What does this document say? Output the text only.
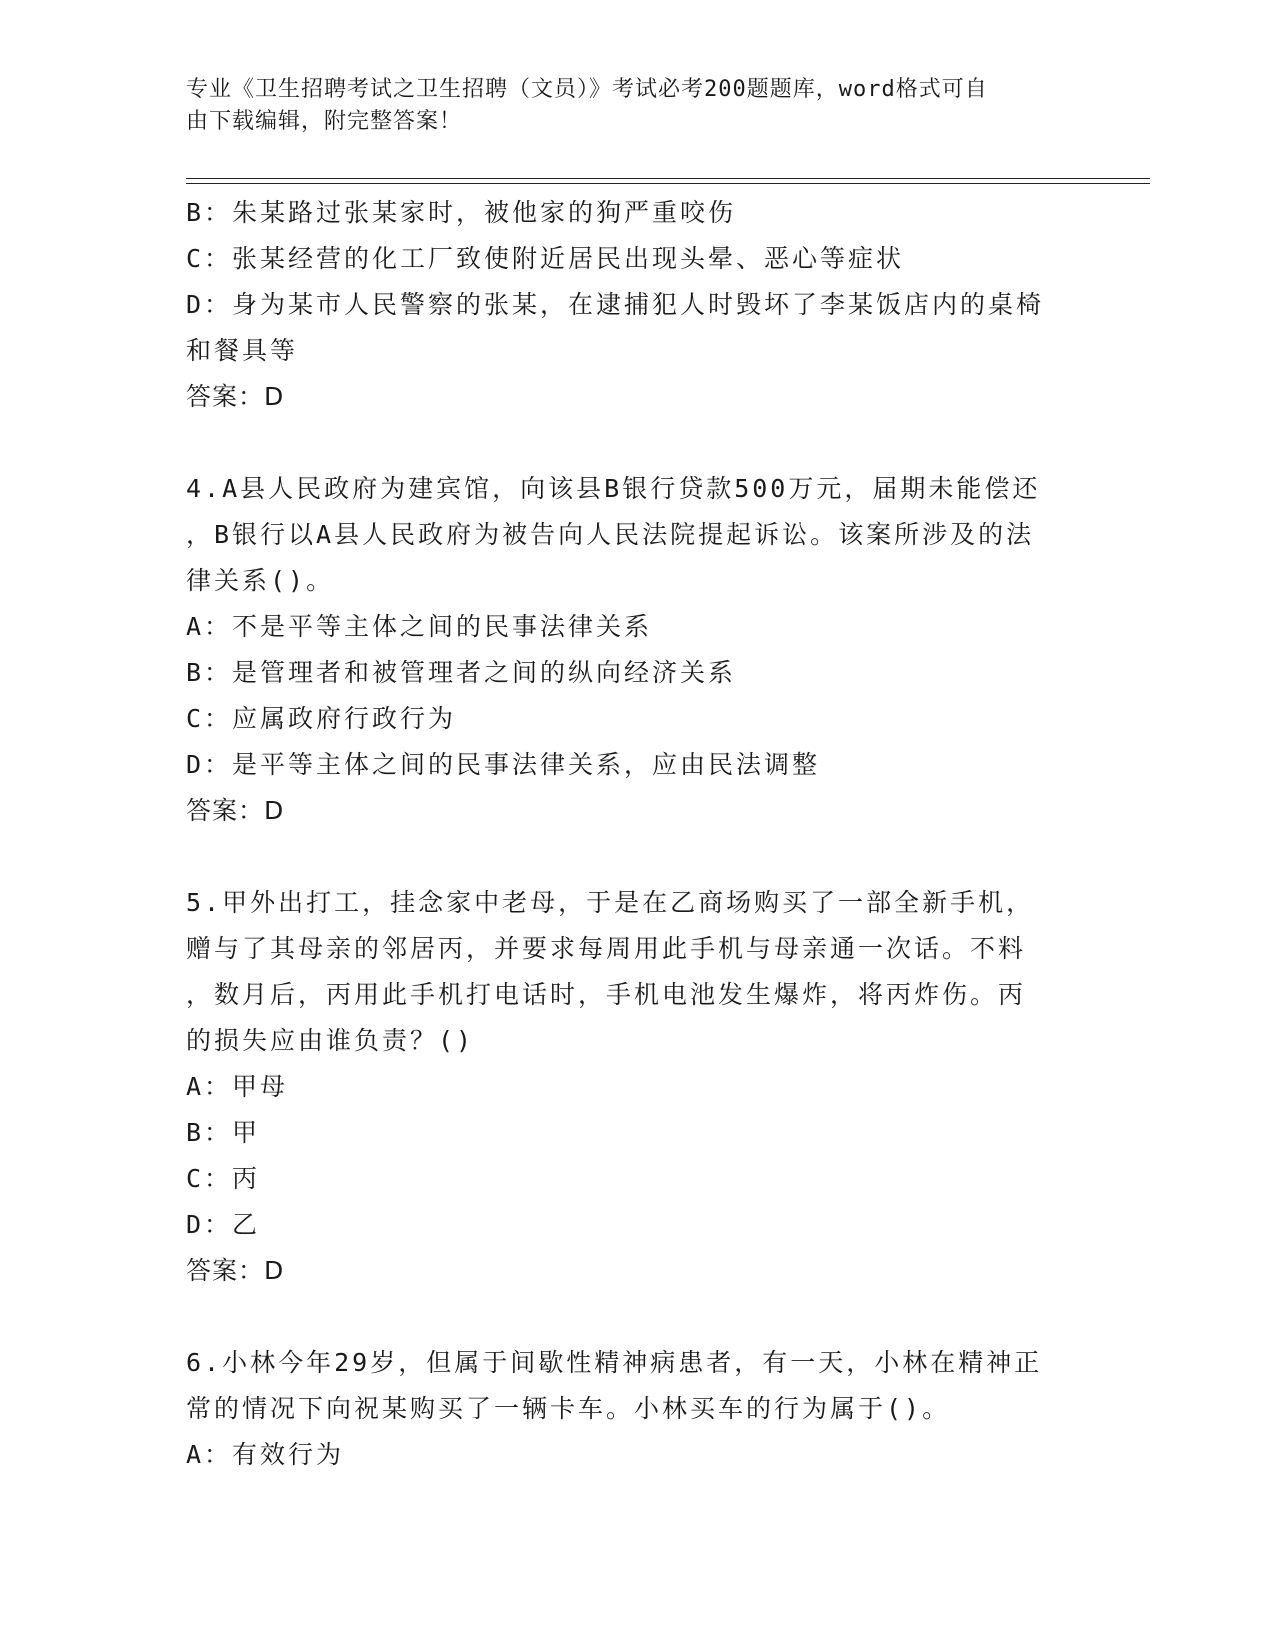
专业《卫生招聘考试之卫生招聘（文员）》考试必考200题题库，word格式可自
由下载编辑，附完整答案！
B：朱某路过张某家时，被他家的狗严重咬伤
C：张某经营的化工厂致使附近居民出现头晕、恶心等症状
D：身为某市人民警察的张某，在逮捕犯人时毁坏了李某饭店内的桌椅
和餐具等
答案：D
4.A县人民政府为建宾馆，向该县B银行贷款500万元，届期未能偿还
，B银行以A县人民政府为被告向人民法院提起诉讼。该案所涉及的法
律关系()。
A：不是平等主体之间的民事法律关系
B：是管理者和被管理者之间的纵向经济关系
C：应属政府行政行为
D：是平等主体之间的民事法律关系，应由民法调整
答案：D
5.甲外出打工，挂念家中老母，于是在乙商场购买了一部全新手机，
赠与了其母亲的邻居丙，并要求每周用此手机与母亲通一次话。不料
，数月后，丙用此手机打电话时，手机电池发生爆炸，将丙炸伤。丙
的损失应由谁负责？()
A：甲母
B：甲
C：丙
D：乙
答案：D
6.小林今年29岁，但属于间歇性精神病患者，有一天，小林在精神正
常的情况下向祝某购买了一辆卡车。小林买车的行为属于()。
A：有效行为
